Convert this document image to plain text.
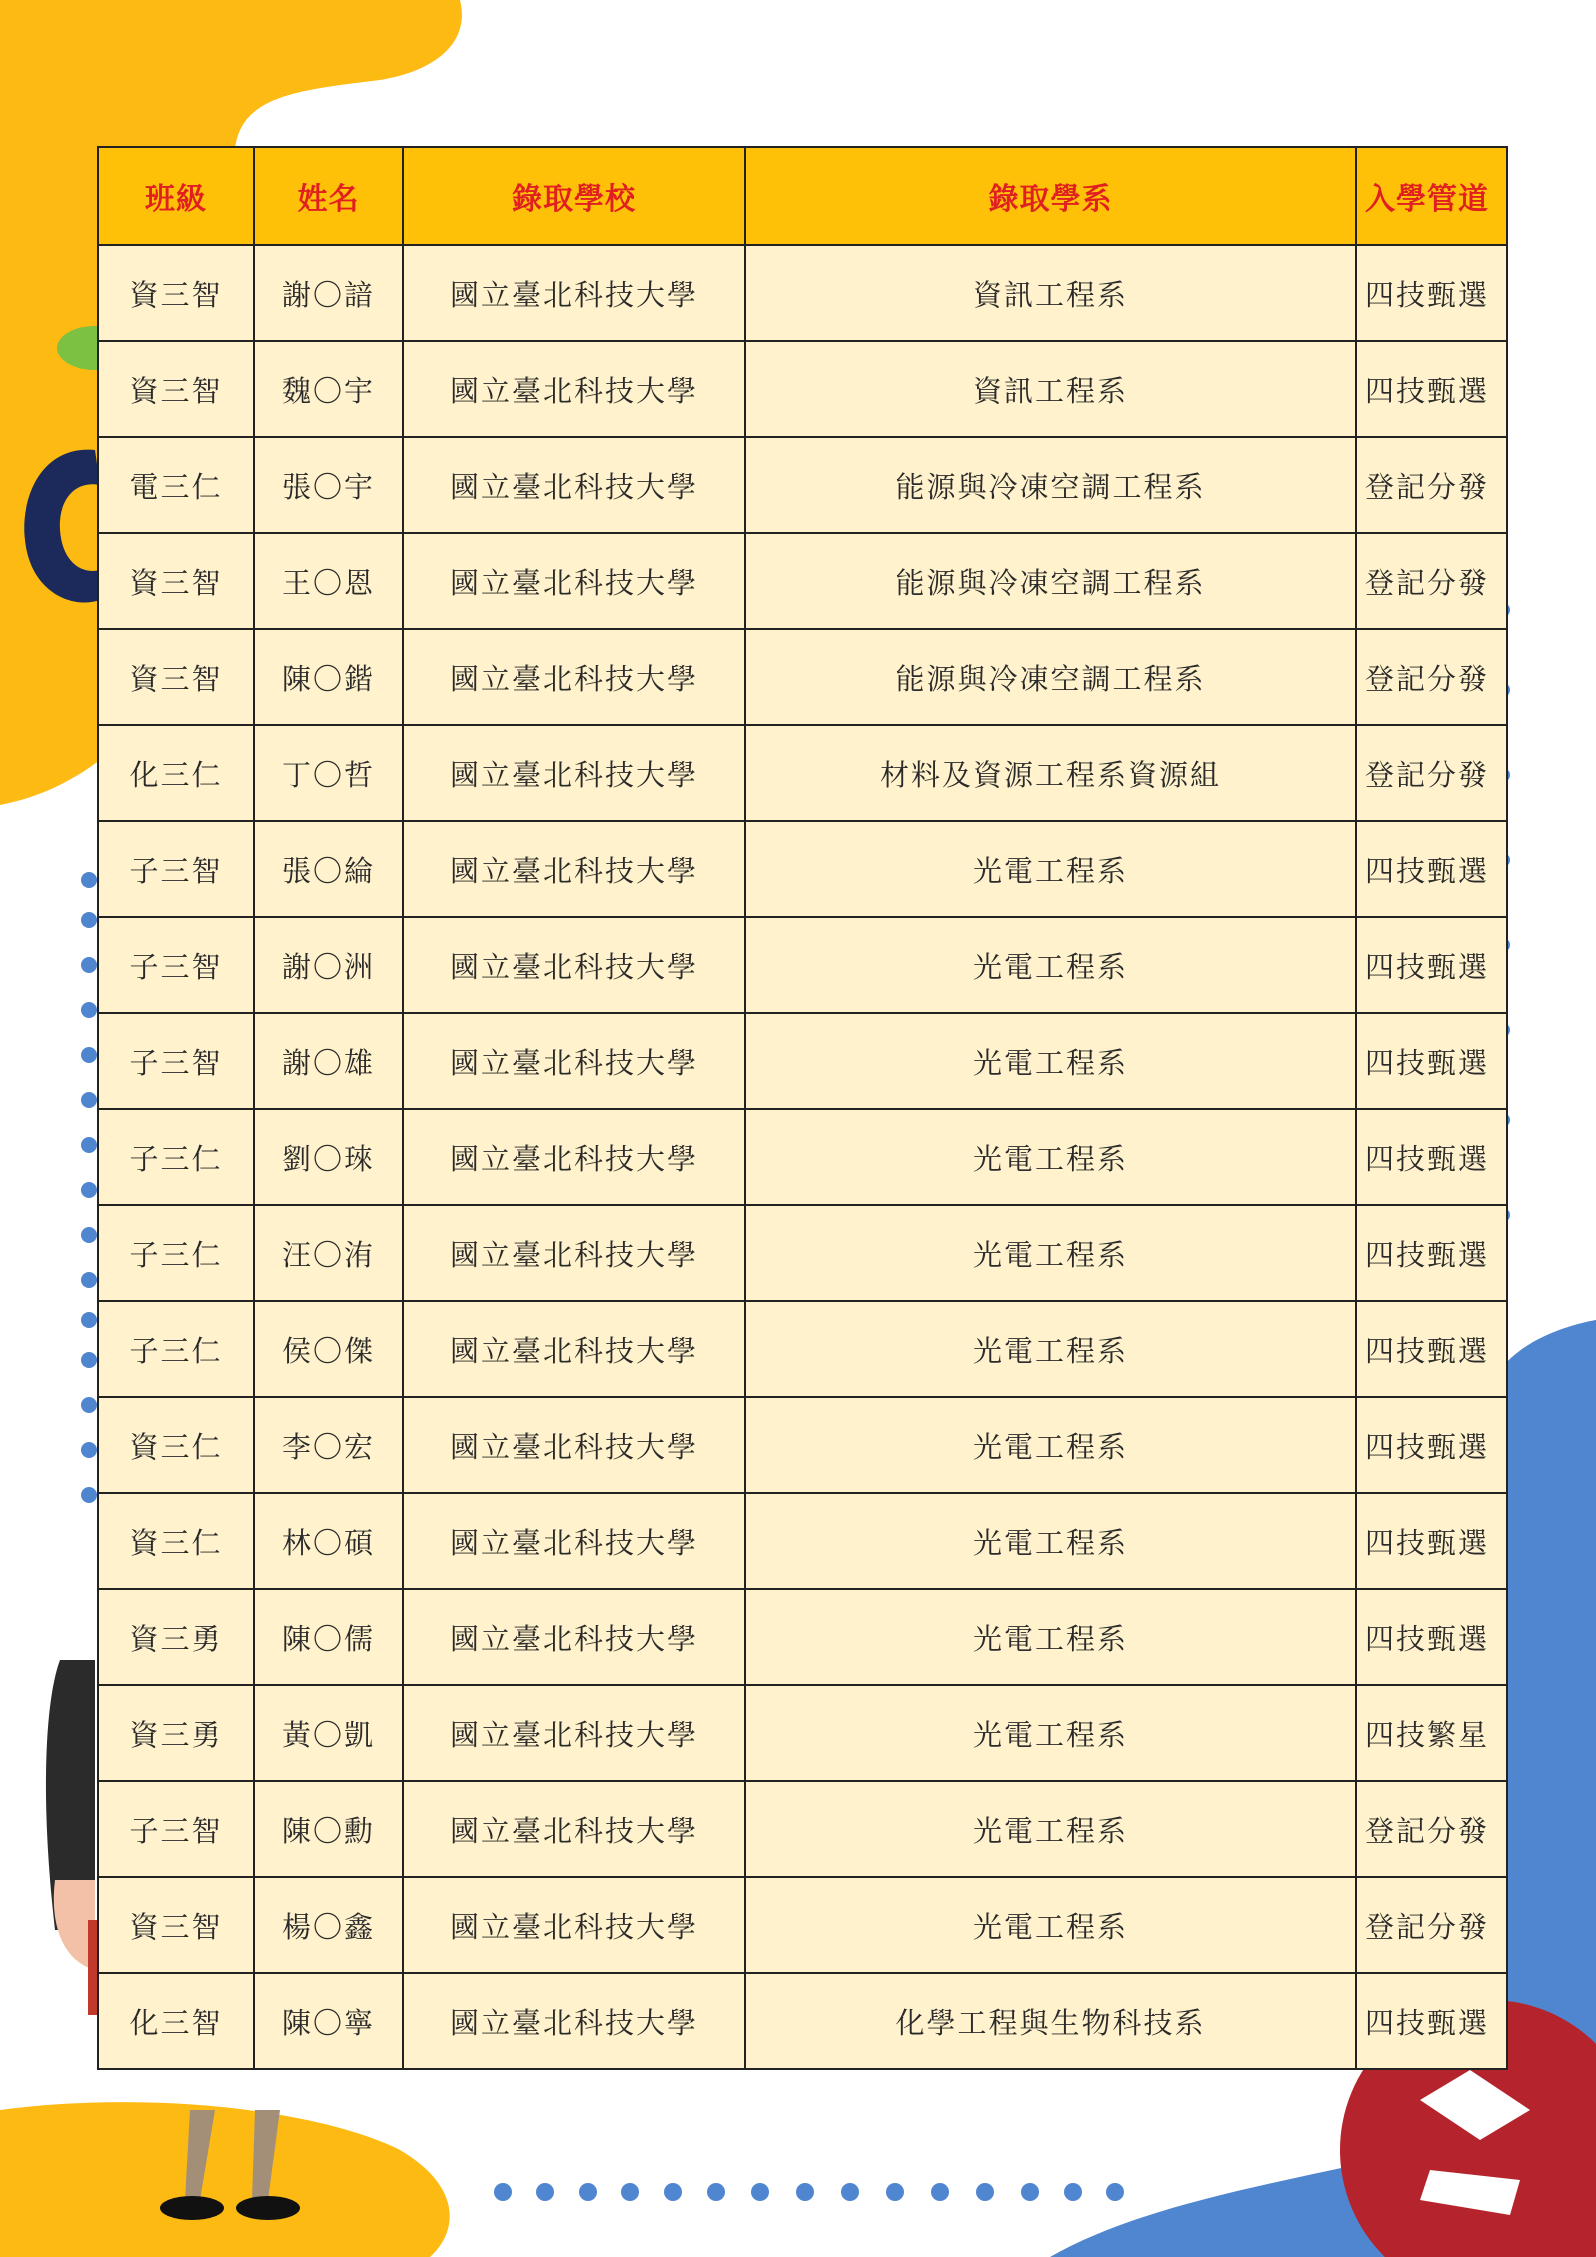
班級	姓名	錄取學校	錄取學系	入學管道
資三智	謝〇諳	國立臺北科技大學	資訊工程系	四技甄選
資三智	魏〇宇	國立臺北科技大學	資訊工程系	四技甄選
電三仁	張〇宇	國立臺北科技大學	能源與冷凍空調工程系	登記分發
資三智	王〇恩	國立臺北科技大學	能源與冷凍空調工程系	登記分發
資三智	陳〇鍇	國立臺北科技大學	能源與冷凍空調工程系	登記分發
化三仁	丁〇哲	國立臺北科技大學	材料及資源工程系資源組	登記分發
子三智	張〇綸	國立臺北科技大學	光電工程系	四技甄選
子三智	謝〇洲	國立臺北科技大學	光電工程系	四技甄選
子三智	謝〇雄	國立臺北科技大學	光電工程系	四技甄選
子三仁	劉〇琜	國立臺北科技大學	光電工程系	四技甄選
子三仁	汪〇洧	國立臺北科技大學	光電工程系	四技甄選
子三仁	侯〇傑	國立臺北科技大學	光電工程系	四技甄選
資三仁	李〇宏	國立臺北科技大學	光電工程系	四技甄選
資三仁	林〇碩	國立臺北科技大學	光電工程系	四技甄選
資三勇	陳〇儒	國立臺北科技大學	光電工程系	四技甄選
資三勇	黃〇凱	國立臺北科技大學	光電工程系	四技繁星
子三智	陳〇勳	國立臺北科技大學	光電工程系	登記分發
資三智	楊〇鑫	國立臺北科技大學	光電工程系	登記分發
化三智	陳〇寧	國立臺北科技大學	化學工程與生物科技系	四技甄選
